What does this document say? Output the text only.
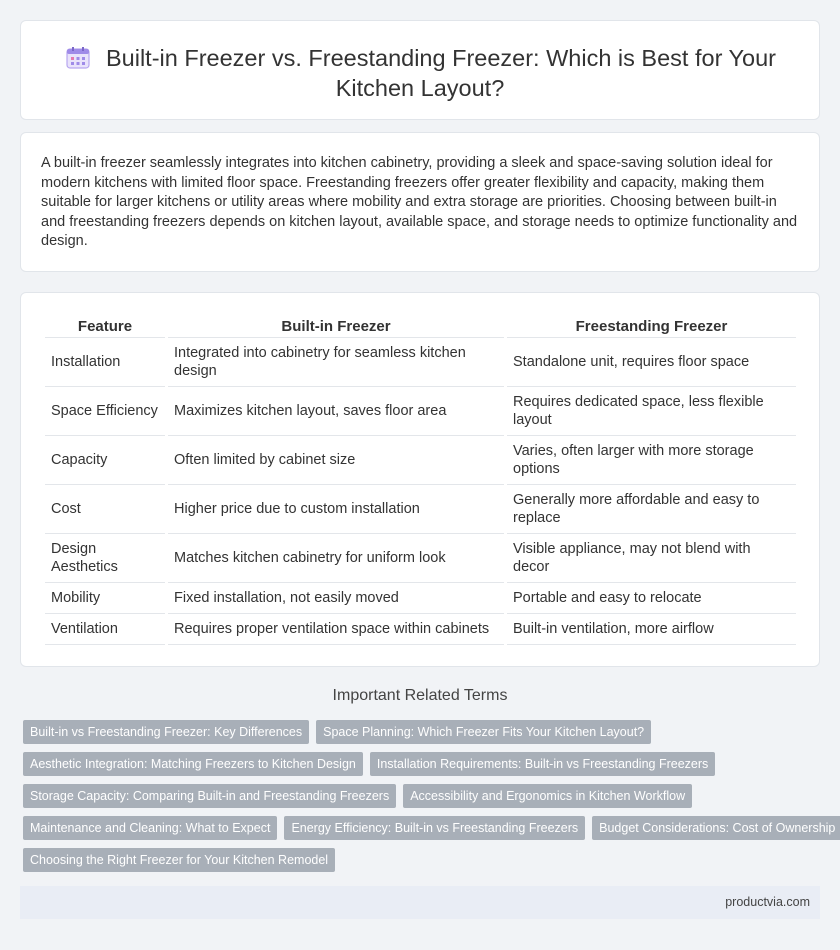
Built-in Freezer vs. Freestanding Freezer: Which is Best for Your Kitchen Layout?

A built-in freezer seamlessly integrates into kitchen cabinetry, providing a sleek and space-saving solution ideal for modern kitchens with limited floor space. Freestanding freezers offer greater flexibility and capacity, making them suitable for larger kitchens or utility areas where mobility and extra storage are priorities. Choosing between built-in and freestanding freezers depends on kitchen layout, available space, and storage needs to optimize functionality and design.

Feature	Built-in Freezer	Freestanding Freezer
Installation	Integrated into cabinetry for seamless kitchen design	Standalone unit, requires floor space
Space Efficiency	Maximizes kitchen layout, saves floor area	Requires dedicated space, less flexible layout
Capacity	Often limited by cabinet size	Varies, often larger with more storage options
Cost	Higher price due to custom installation	Generally more affordable and easy to replace
Design Aesthetics	Matches kitchen cabinetry for uniform look	Visible appliance, may not blend with decor
Mobility	Fixed installation, not easily moved	Portable and easy to relocate
Ventilation	Requires proper ventilation space within cabinets	Built-in ventilation, more airflow
Important Related Terms
Built-in vs Freestanding Freezer: Key Differences Space Planning: Which Freezer Fits Your Kitchen Layout?
Aesthetic Integration: Matching Freezers to Kitchen Design Installation Requirements: Built-in vs Freestanding Freezers
Storage Capacity: Comparing Built-in and Freestanding Freezers Accessibility and Ergonomics in Kitchen Workflow
Maintenance and Cleaning: What to Expect Energy Efficiency: Built-in vs Freestanding Freezers Budget Considerations: Cost of Ownership
Choosing the Right Freezer for Your Kitchen Remodel
productvia.com
